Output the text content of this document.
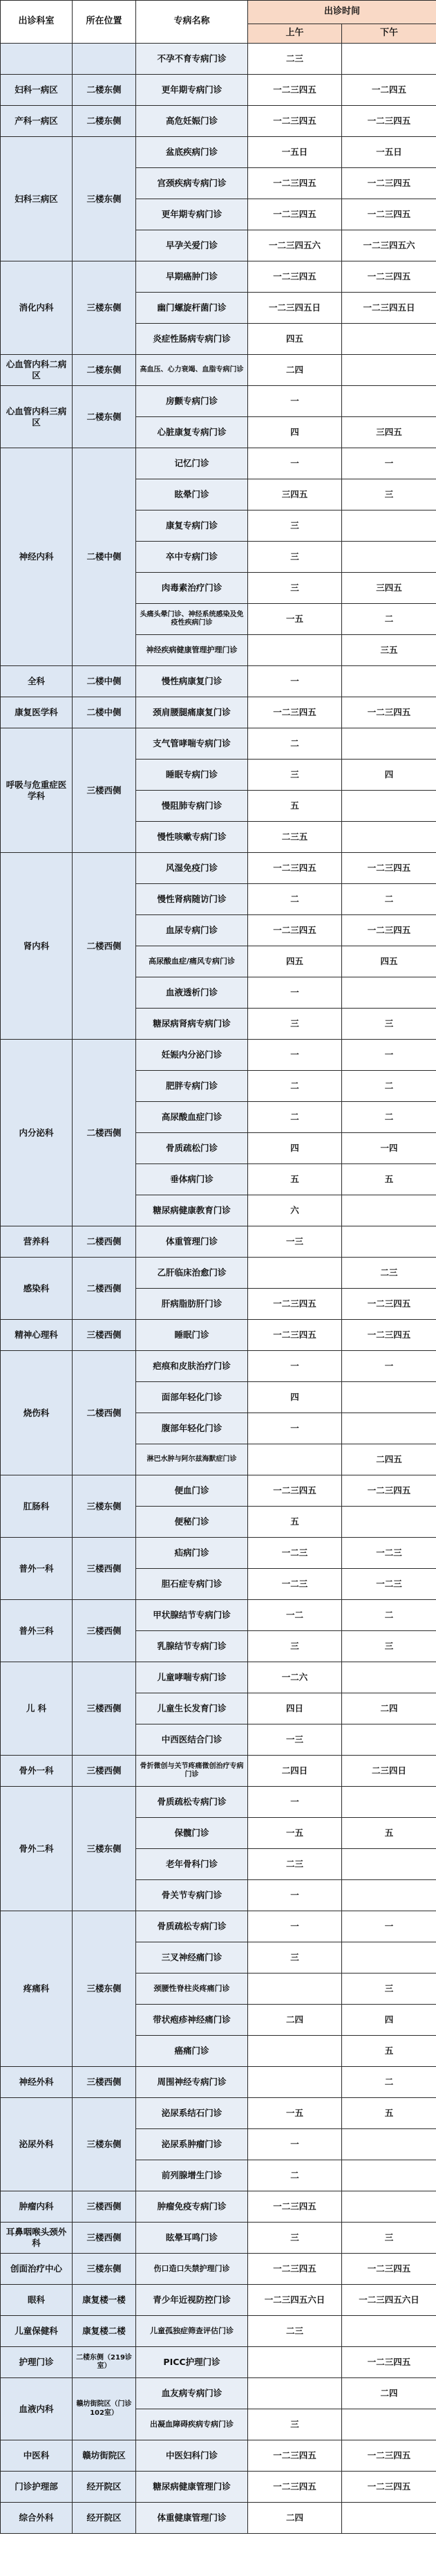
出诊科室	所在位置	专病名称	出诊时间	
			上午	下午
		不孕不育专病门诊	二三	
妇科一病区	二楼东侧	更年期专病门诊	一二三四五	一二四五
产科一病区	二楼东侧	高危妊娠门诊	一二三四五	一二三四五
妇科三病区	三楼东侧	盆底疾病门诊	一五日	一五日
		宫颈疾病专病门诊	一二三四五	一二三四五
		更年期专病门诊	一二三四五	一二三四五
		早孕关爱门诊	一二三四五六	一二三四五六
消化内科	三楼东侧	早期癌肿门诊	一二三四五	一二三四五
		幽门螺旋杆菌门诊	一二三四五日	一二三四五日
		炎症性肠病专病门诊	四五	
心血管内科二病区	二楼东侧	高血压、心力衰竭、血脂专病门诊	二四	
心血管内科三病区	二楼东侧	房颤专病门诊	一	
		心脏康复专病门诊	四	三四五
神经内科	二楼中侧	记忆门诊	一	一
		眩晕门诊	三四五	三
		康复专病门诊	三	
		卒中专病门诊	三	
		肉毒素治疗门诊	三	三四五
		头痛头晕门诊、神经系统感染及免疫性疾病门诊	一五	二
		神经疾病健康管理护理门诊		三五
全科	二楼中侧	慢性病康复门诊	一	
康复医学科	二楼中侧	颈肩腰腿痛康复门诊	一二三四五	一二三四五
呼吸与危重症医学科	三楼西侧	支气管哮喘专病门诊	二	
		睡眠专病门诊	三	四
		慢阻肺专病门诊	五	
		慢性咳嗽专病门诊	二三五	
肾内科	二楼西侧	风湿免疫门诊	一二三四五	一二三四五
		慢性肾病随访门诊	二	二
		血尿专病门诊	一二三四五	一二三四五
		高尿酸血症/痛风专病门诊	四五	四五
		血液透析门诊	一	
		糖尿病肾病专病门诊	三	三
内分泌科	二楼西侧	妊娠内分泌门诊	一	一
		肥胖专病门诊	二	二
		高尿酸血症门诊	二	二
		骨质疏松门诊	四	一四
		垂体病门诊	五	五
		糖尿病健康教育门诊	六	
营养科	二楼西侧	体重管理门诊	一三	
感染科	二楼西侧	乙肝临床治愈门诊		二三
		肝病脂肪肝门诊	一二三四五	一二三四五
精神心理科	三楼西侧	睡眠门诊	一二三四五	一二三四五
烧伤科	二楼西侧	疤痕和皮肤治疗门诊	一	一
		面部年轻化门诊	四	
		腹部年轻化门诊	一	
		淋巴水肿与阿尔兹海默症门诊		二四五
肛肠科	三楼东侧	便血门诊	一二三四五	一二三四五
		便秘门诊	五	
普外一科	三楼西侧	疝病门诊	一二三	一二三
		胆石症专病门诊	一二三	一二三
普外三科	三楼西侧	甲状腺结节专病门诊	一二	二
		乳腺结节专病门诊	三	三
儿 科	三楼西侧	儿童哮喘专病门诊	一二六	
		儿童生长发育门诊	四日	二四
		中西医结合门诊	一三	
骨外一科	三楼西侧	骨折微创与关节疼痛微创治疗专病门诊	二四日	二三四日
骨外二科	三楼东侧	骨质疏松专病门诊	一	
		保髋门诊	一五	五
		老年骨科门诊	二三	
		骨关节专病门诊	一	
疼痛科	三楼东侧	骨质疏松专病门诊	一	一
		三叉神经痛门诊	三	
		颈腰性脊柱炎疼痛门诊		三
		带状疱疹神经痛门诊	二四	四
		癌痛门诊		五
神经外科	三楼西侧	周围神经专病门诊		二
泌尿外科	三楼东侧	泌尿系结石门诊	一五	五
		泌尿系肿瘤门诊	一	
		前列腺增生门诊	二	
肿瘤内科	三楼西侧	肿瘤免疫专病门诊	一二三四五	
耳鼻咽喉头颈外科	三楼西侧	眩晕耳鸣门诊	三	三
创面治疗中心	三楼东侧	伤口造口失禁护理门诊	一二三四五	一二三四五
眼科	康复楼一楼	青少年近视防控门诊	一二三四五六日	一二三四五六日
儿童保健科	康复楼二楼	儿童孤独症筛查评估门诊	二三	
护理门诊	二楼东侧（219诊室）	PICC护理门诊		一二三四五
血液内科	赣坊街院区（门诊102室）	血友病专病门诊		二四
		出凝血障碍疾病专病门诊	三	
中医科	赣坊街院区	中医妇科门诊	一二三四五	一二三四五
门诊护理部	经开院区	糖尿病健康管理门诊	一二三四五	一二三四五
综合外科	经开院区	体重健康管理门诊	二四	
